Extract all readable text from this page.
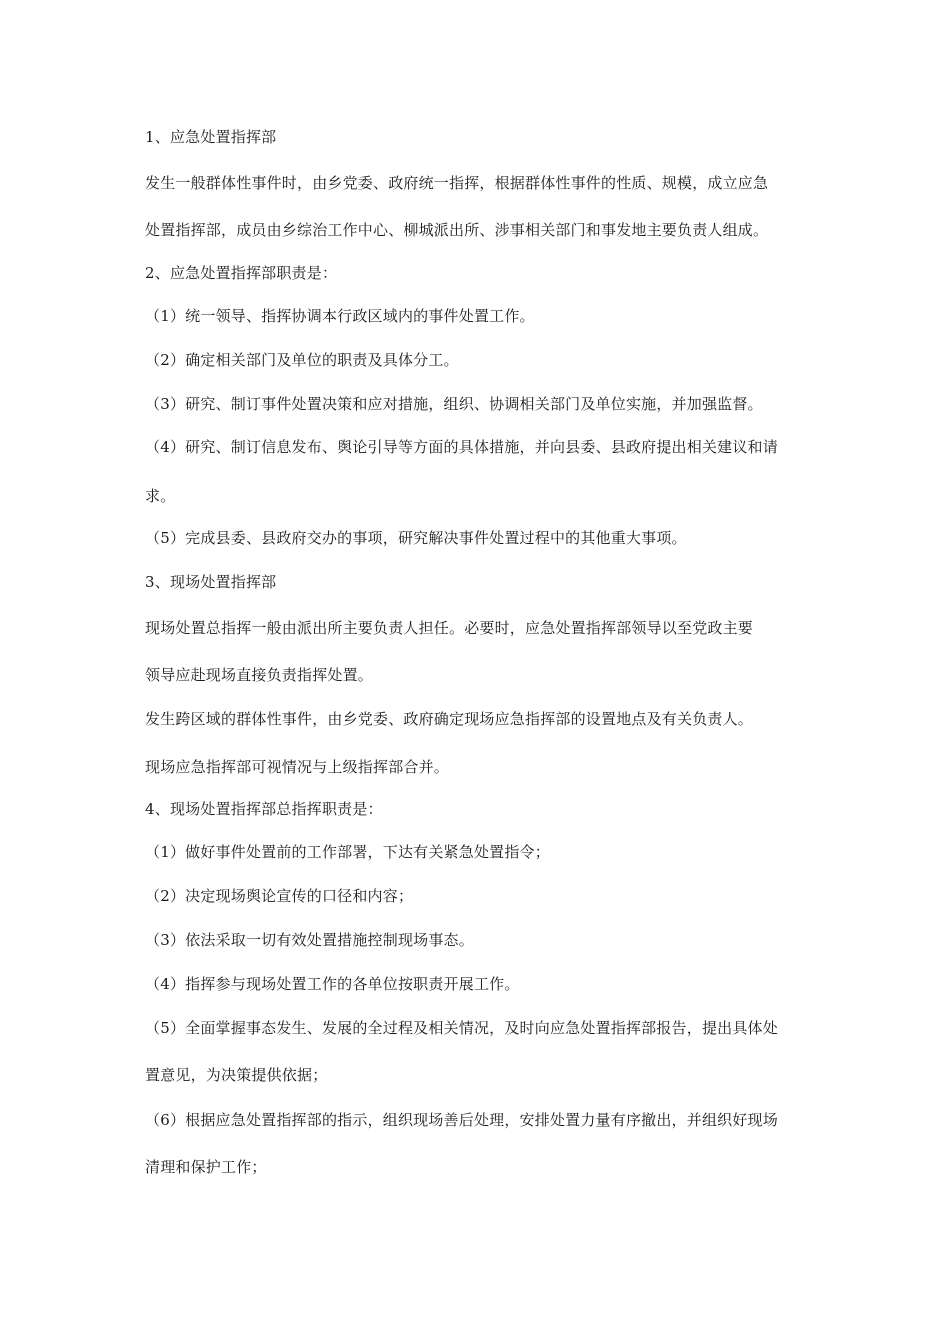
1、应急处置指挥部
发生一般群体性事件时，由乡党委、政府统一指挥，根据群体性事件的性质、规模，成立应急
处置指挥部，成员由乡综治工作中心、柳城派出所、涉事相关部门和事发地主要负责人组成。
2、应急处置指挥部职责是：
（1）统一领导、指挥协调本行政区域内的事件处置工作。
（2）确定相关部门及单位的职责及具体分工。
（3）研究、制订事件处置决策和应对措施，组织、协调相关部门及单位实施，并加强监督。
（4）研究、制订信息发布、舆论引导等方面的具体措施，并向县委、县政府提出相关建议和请
求。
（5）完成县委、县政府交办的事项，研究解决事件处置过程中的其他重大事项。
3、现场处置指挥部
现场处置总指挥一般由派出所主要负责人担任。必要时，应急处置指挥部领导以至党政主要
领导应赴现场直接负责指挥处置。
发生跨区域的群体性事件，由乡党委、政府确定现场应急指挥部的设置地点及有关负责人。
现场应急指挥部可视情况与上级指挥部合并。
4、现场处置指挥部总指挥职责是：
（1）做好事件处置前的工作部署，下达有关紧急处置指令；
（2）决定现场舆论宣传的口径和内容；
（3）依法采取一切有效处置措施控制现场事态。
（4）指挥参与现场处置工作的各单位按职责开展工作。
（5）全面掌握事态发生、发展的全过程及相关情况，及时向应急处置指挥部报告，提出具体处
置意见，为决策提供依据；
（6）根据应急处置指挥部的指示，组织现场善后处理，安排处置力量有序撤出，并组织好现场
清理和保护工作；
